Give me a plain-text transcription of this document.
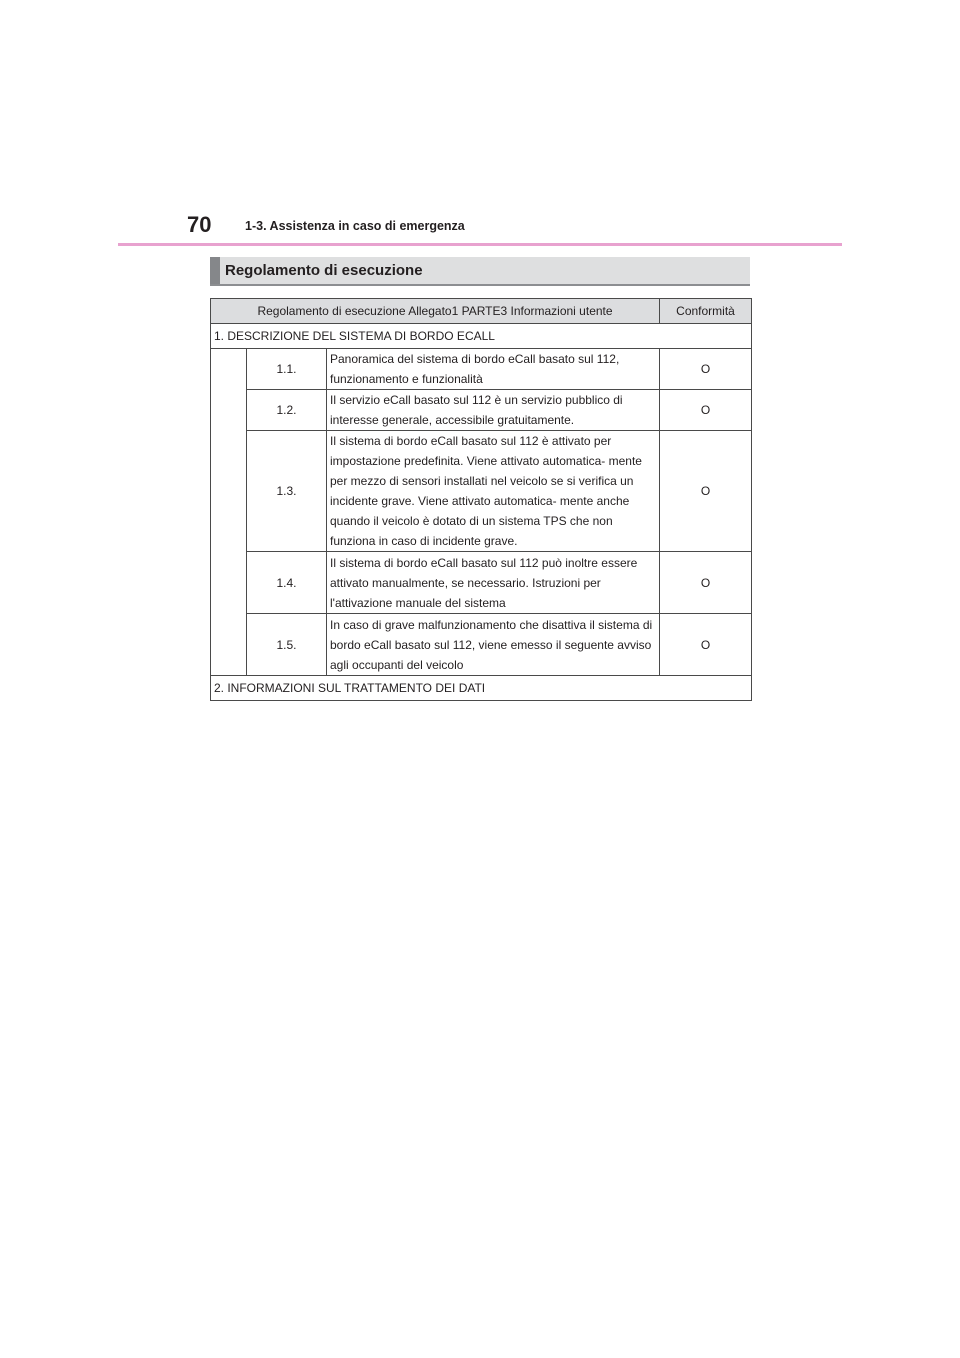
70	1-3. Assistenza in caso di emergenza
Regolamento di esecuzione
Regolamento di esecuzione Allegato1 PARTE3 Informazioni utente			Conformità
1. DESCRIZIONE DEL SISTEMA DI BORDO ECALL			
	1.1.	Panoramica del sistema di bordo eCall basato sul 112, funzionamento e funzionalità	O
	1.2.	Il servizio eCall basato sul 112 è un servizio pubblico di interesse generale, accessibile gratuitamente.	O
	1.3.	Il sistema di bordo eCall basato sul 112 è attivato per impostazione predefinita. Viene attivato automatica- mente per mezzo di sensori installati nel veicolo se si verifica un incidente grave. Viene attivato automatica- mente anche quando il veicolo è dotato di un sistema TPS che non funziona in caso di incidente grave.	O
	1.4.	Il sistema di bordo eCall basato sul 112 può inoltre essere attivato manualmente, se necessario. Istruzioni per l'attivazione manuale del sistema	O
	1.5.	In caso di grave malfunzionamento che disattiva il sistema di bordo eCall basato sul 112, viene emesso il seguente avviso agli occupanti del veicolo	O
2. INFORMAZIONI SUL TRATTAMENTO DEI DATI			
